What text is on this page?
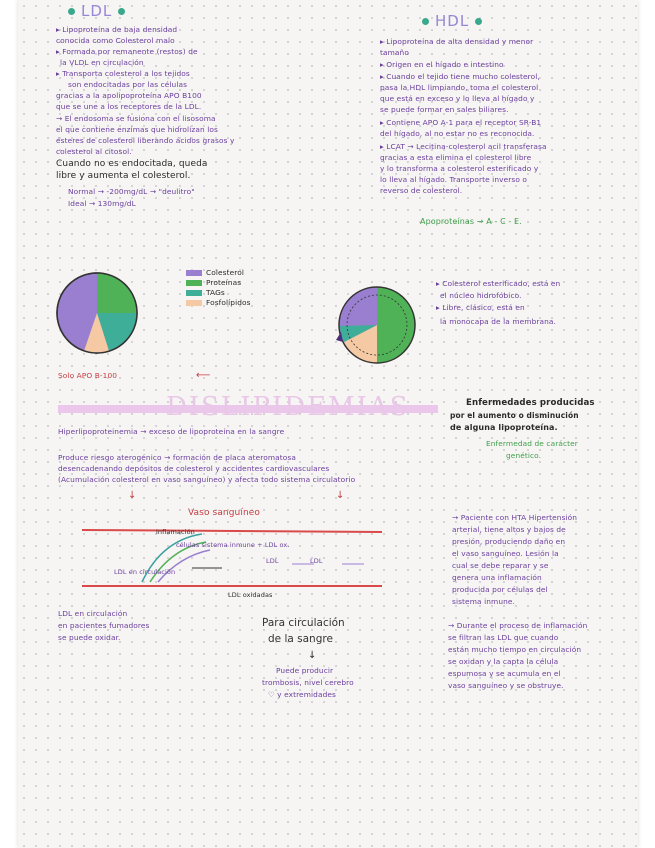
LDL

▸ Lipoproteína de baja densidad

conocida como Colesterol malo

▸ Formada por remanente (restos) de

la VLDL en circulación

▸ Transporta colesterol a los tejidos

son endocitadas por las células

gracias a la apolipoproteína APO B100

que se une a los receptores de la LDL.

→ El endosoma se fusiona con el lisosoma

el que contiene enzimas que hidrolizan los

ésteres de colesterol liberando ácidos grasos y

colesterol al citosol.

Cuando no es endocitada, queda

libre y aumenta el colesterol.

Normal → -200mg/dL → "deulitro"

Ideal → 130mg/dL

Colesterol
Proteínas
TAGs
Fosfolípidos

Solo APO B-100	⟵
HDL

▸ Lipoproteína de alta densidad y menor

tamaño

▸ Origen en el hígado e intestino

▸ Cuando el tejido tiene mucho colesterol,

pasa la HDL limpiando, toma el colesterol

que está en exceso y lo lleva al hígado y

se puede formar en sales biliares.

▸ Contiene APO A-1 para el receptor SR-B1

del hígado, al no estar no es reconocida.

▸ LCAT → Lecitina-colesterol acil transferasa

gracias a esta elimina el colesterol libre

y lo transforma a colesterol esterificado y

lo lleva al hígado. Transporte inverso o

reverso de colesterol.

Apoproteínas → A - C - E.

▸ Colesterol esterificado, está en

el núcleo hidrofóbico.

▸ Libre, clásico, está en

la monocapa de la membrana.

DISLIPIDEMIAS	Enfermedades producidas

por el aumento o disminución

de alguna lipoproteína.

Enfermedad de carácter

genético.

Hiperlipoproteinemia → exceso de lipoproteína en la sangre

Produce riesgo aterogénico → formación de placa ateromatosa

desencadenando depósitos de colesterol y accidentes cardiovasculares

(Acumulación colesterol en vaso sanguíneo) y afecta todo sistema circulatorio

↓	↓

Vaso sanguíneo

inflamación

células sistema inmune + LDL ox.

LDL en circulación

LDL	LDL

LDL oxidadas

LDL en circulación

en pacientes fumadores

se puede oxidar.

Para circulación

de la sangre

↓

Puede producir

trombosis, nivel cerebro

♡ y extremidades

→ Paciente con HTA Hipertensión

arterial, tiene altos y bajos de

presión, produciendo daño en

el vaso sanguíneo. Lesión la

cual se debe reparar y se

genera una inflamación

producida por células del

sistema inmune.

→ Durante el proceso de inflamación

se filtran las LDL que cuando

están mucho tiempo en circulación

se oxidan y la capta la célula

espumosa y se acumula en el

vaso sanguíneo y se obstruye.
